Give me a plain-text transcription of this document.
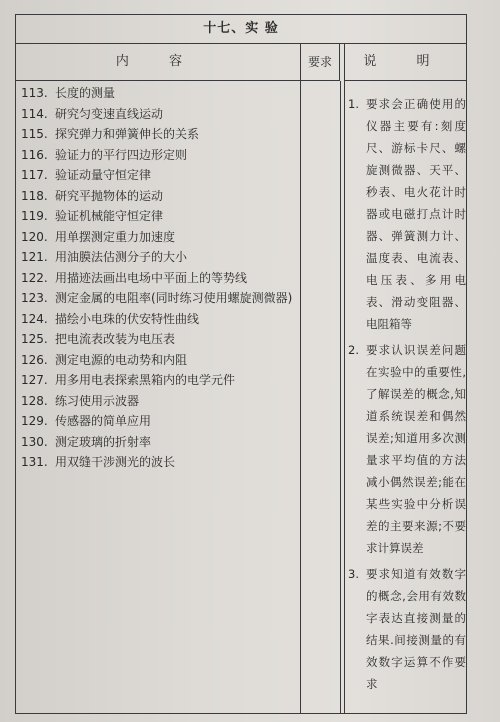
十七、实 验
内 容	要求	说 明
113. 长度的测量
114. 研究匀变速直线运动
115. 探究弹力和弹簧伸长的关系
116. 验证力的平行四边形定则
117. 验证动量守恒定律
118. 研究平抛物体的运动
119. 验证机械能守恒定律
120. 用单摆测定重力加速度
121. 用油膜法估测分子的大小
122. 用描迹法画出电场中平面上的等势线
123. 测定金属的电阻率(同时练习使用螺旋测微器)
124. 描绘小电珠的伏安特性曲线
125. 把电流表改装为电压表
126. 测定电源的电动势和内阻
127. 用多用电表探索黑箱内的电学元件
128. 练习使用示波器
129. 传感器的简单应用
130. 测定玻璃的折射率
131. 用双缝干涉测光的波长
1. 要求会正确使用的仪器主要有:刻度尺、游标卡尺、螺旋测微器、天平、秒表、电火花计时器或电磁打点计时器、弹簧测力计、温度表、电流表、电压表、多用电表、滑动变阻器、电阻箱等
2. 要求认识误差问题在实验中的重要性,了解误差的概念,知道系统误差和偶然误差;知道用多次测量求平均值的方法减小偶然误差;能在某些实验中分析误差的主要来源;不要求计算误差
3. 要求知道有效数字的概念,会用有效数字表达直接测量的结果.间接测量的有效数字运算不作要求
